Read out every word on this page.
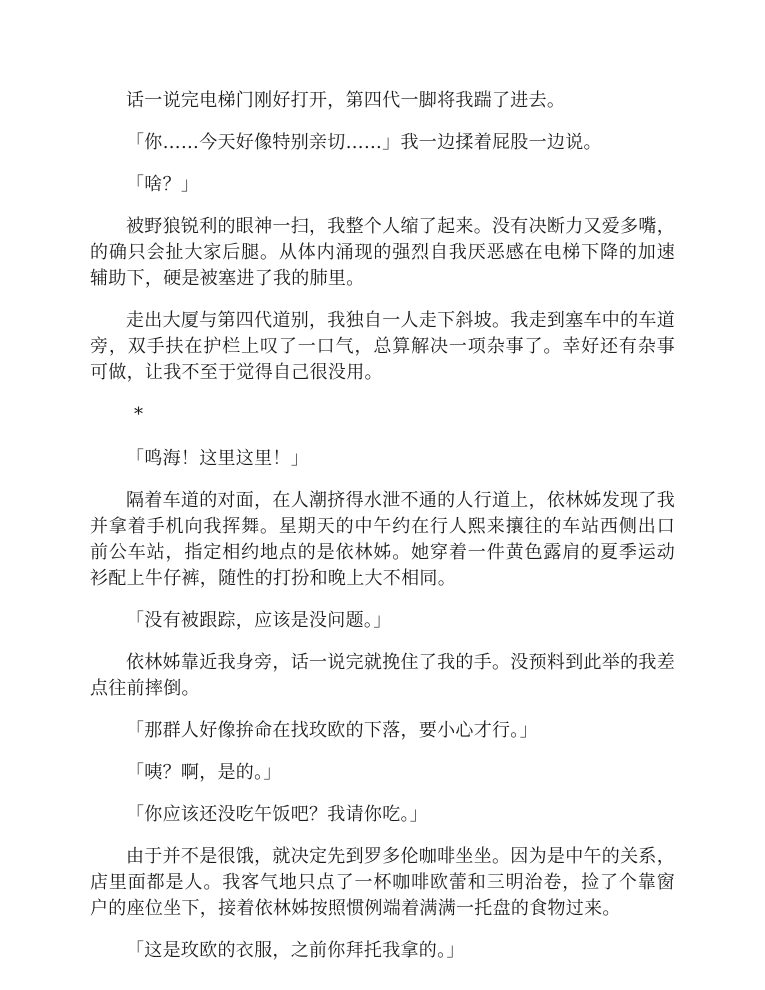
话一说完电梯门刚好打开，第四代一脚将我踹了进去。

「你……今天好像特别亲切……」我一边揉着屁股一边说。

「啥？」

被野狼锐利的眼神一扫，我整个人缩了起来。没有决断力又爱多嘴，的确只会扯大家后腿。从体内涌现的强烈自我厌恶感在电梯下降的加速辅助下，硬是被塞进了我的肺里。

走出大厦与第四代道别，我独自一人走下斜坡。我走到塞车中的车道旁，双手扶在护栏上叹了一口气，总算解决一项杂事了。幸好还有杂事可做，让我不至于觉得自己很没用。

*

「鸣海！这里这里！」

隔着车道的对面，在人潮挤得水泄不通的人行道上，依林姊发现了我并拿着手机向我挥舞。星期天的中午约在行人熙来攘往的车站西侧出口前公车站，指定相约地点的是依林姊。她穿着一件黄色露肩的夏季运动衫配上牛仔裤，随性的打扮和晚上大不相同。

「没有被跟踪，应该是没问题。」

依林姊靠近我身旁，话一说完就挽住了我的手。没预料到此举的我差点往前摔倒。

「那群人好像拚命在找玫欧的下落，要小心才行。」

「咦？啊，是的。」

「你应该还没吃午饭吧？我请你吃。」

由于并不是很饿，就决定先到罗多伦咖啡坐坐。因为是中午的关系，店里面都是人。我客气地只点了一杯咖啡欧蕾和三明治卷，捡了个靠窗户的座位坐下，接着依林姊按照惯例端着满满一托盘的食物过来。

「这是玫欧的衣服，之前你拜托我拿的。」
